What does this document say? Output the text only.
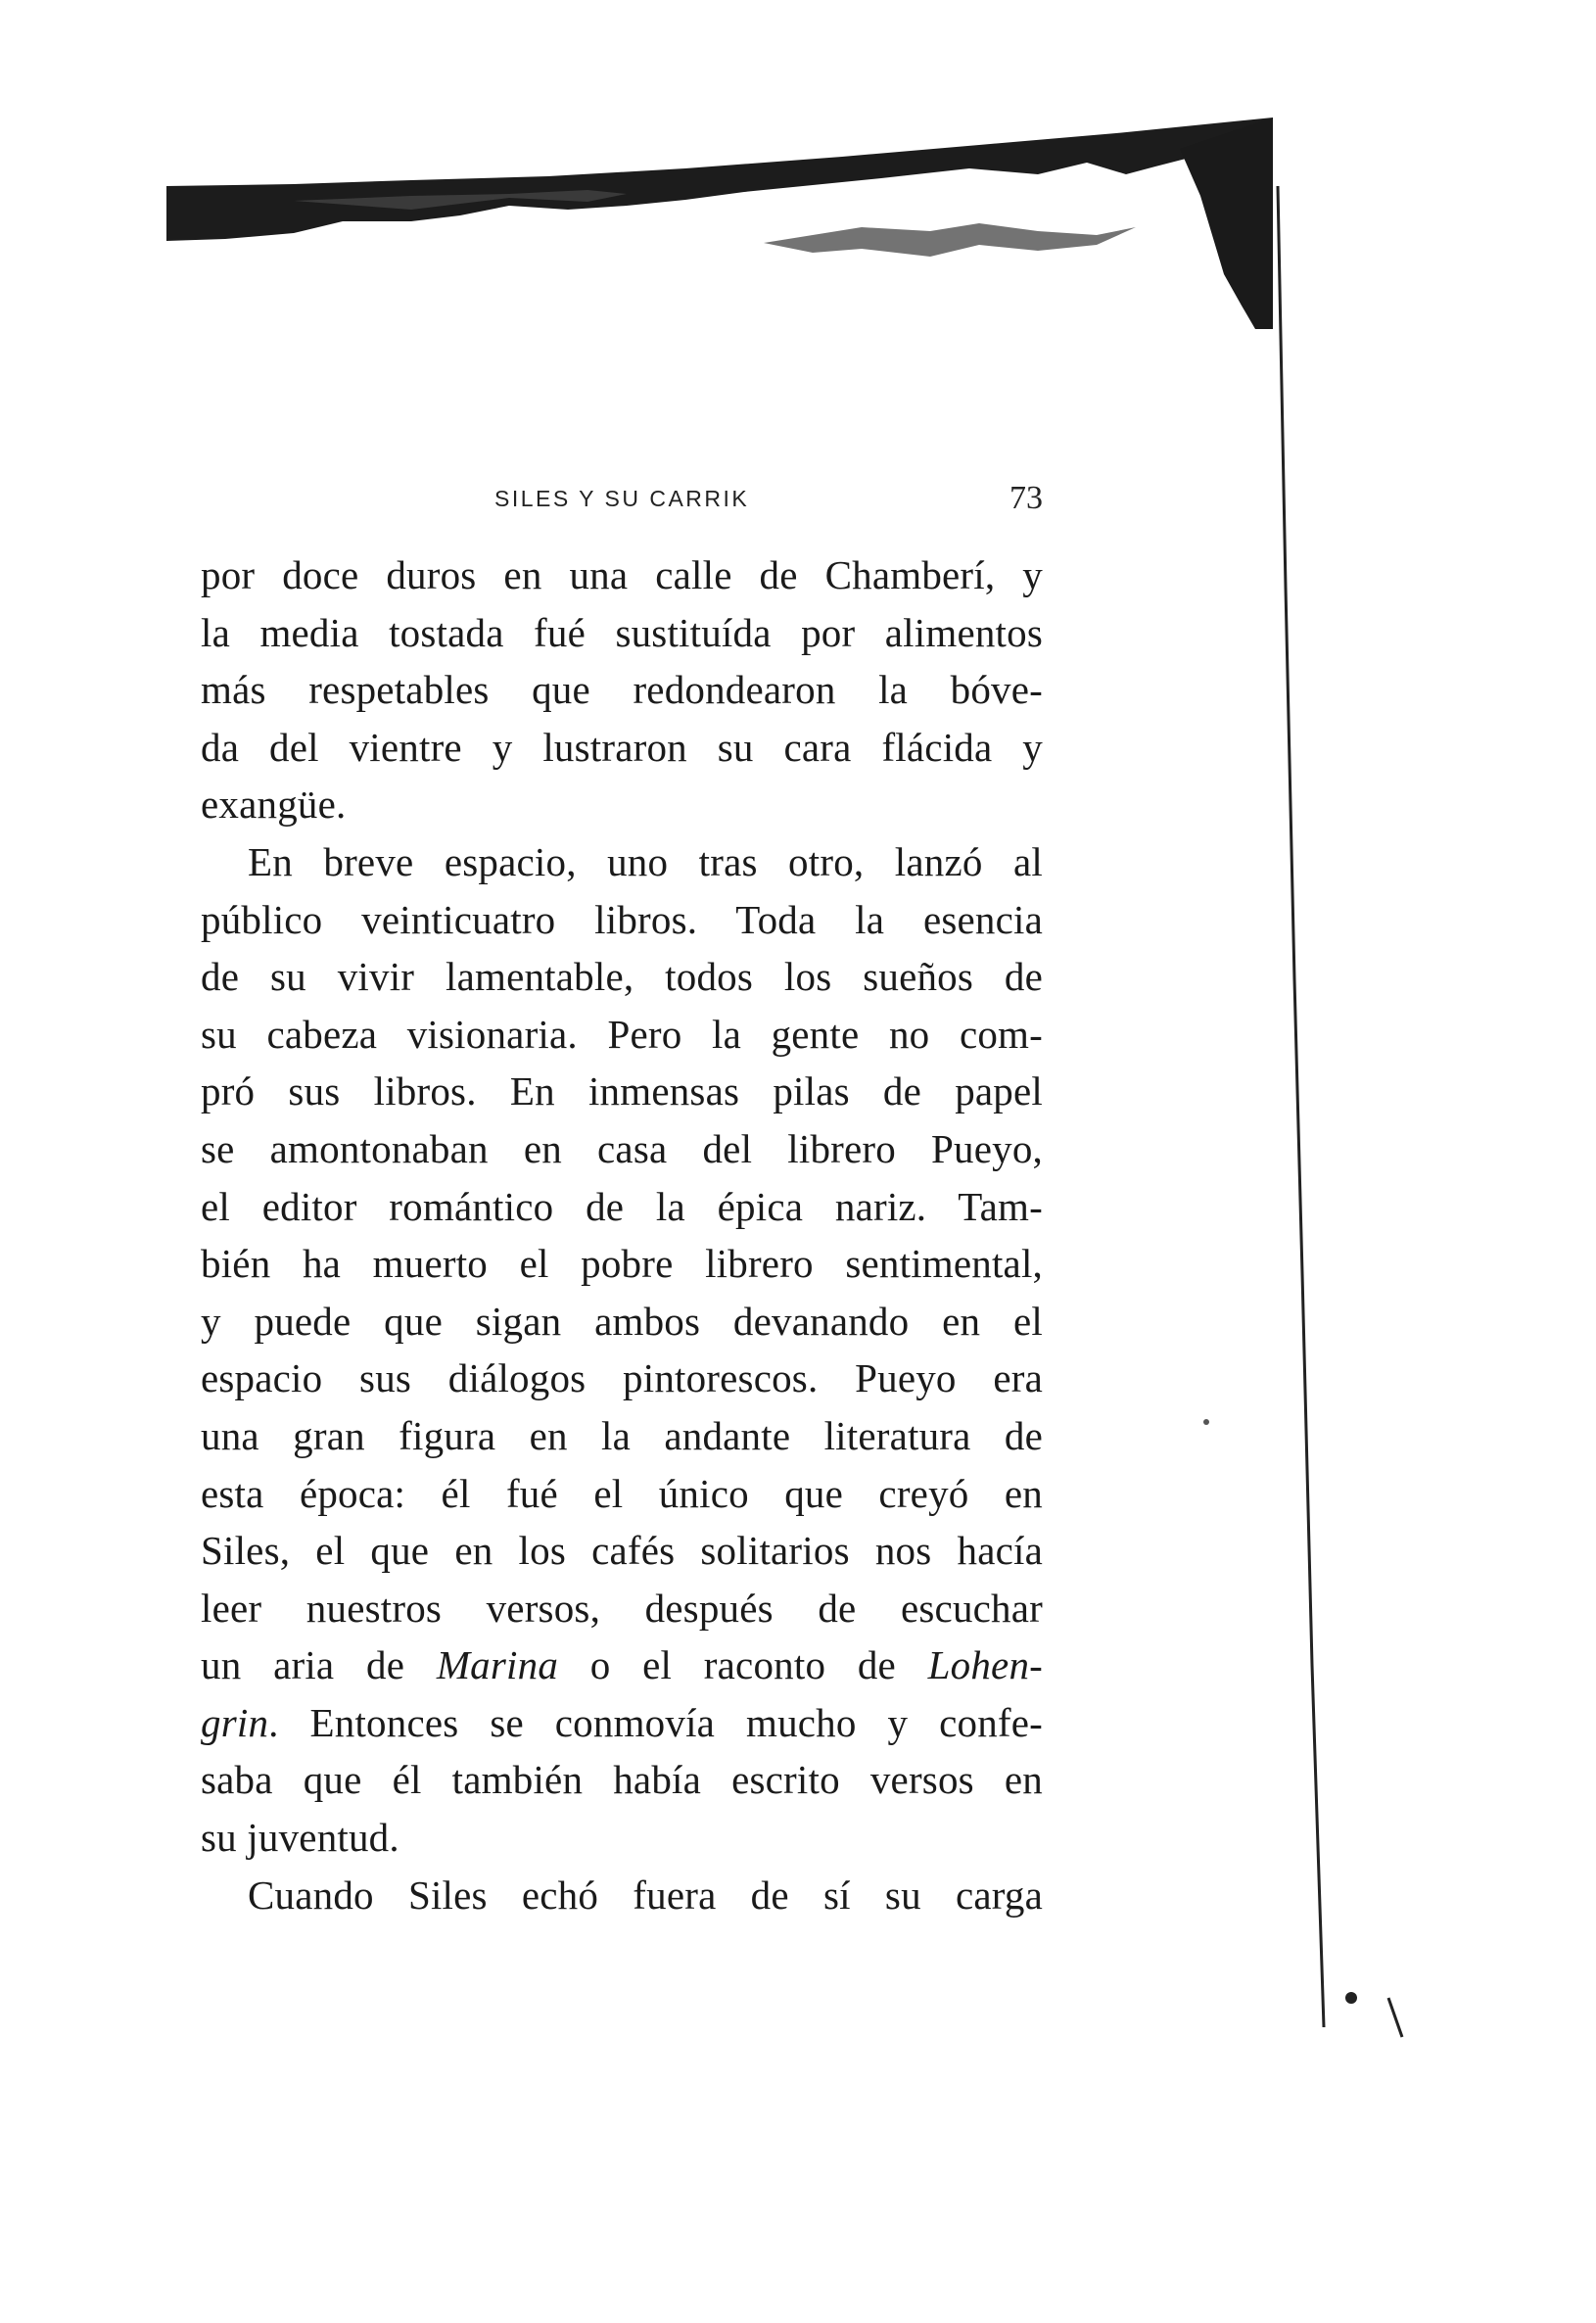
SILES Y SU CARRIK	73
por doce duros en una calle de Chamberí, y
la media tostada fué sustituída por alimentos
más respetables que redondearon la bóve-
da del vientre y lustraron su cara flácida y
exangüe.
En breve espacio, uno tras otro, lanzó al
público veinticuatro libros. Toda la esencia
de su vivir lamentable, todos los sueños de
su cabeza visionaria. Pero la gente no com-
pró sus libros. En inmensas pilas de papel
se amontonaban en casa del librero Pueyo,
el editor romántico de la épica nariz. Tam-
bién ha muerto el pobre librero sentimental,
y puede que sigan ambos devanando en el
espacio sus diálogos pintorescos. Pueyo era
una gran figura en la andante literatura de
esta época: él fué el único que creyó en
Siles, el que en los cafés solitarios nos hacía
leer nuestros versos, después de escuchar
un aria de Marina o el raconto de Lohen-
grin. Entonces se conmovía mucho y confe-
saba que él también había escrito versos en
su juventud.
Cuando Siles echó fuera de sí su carga
